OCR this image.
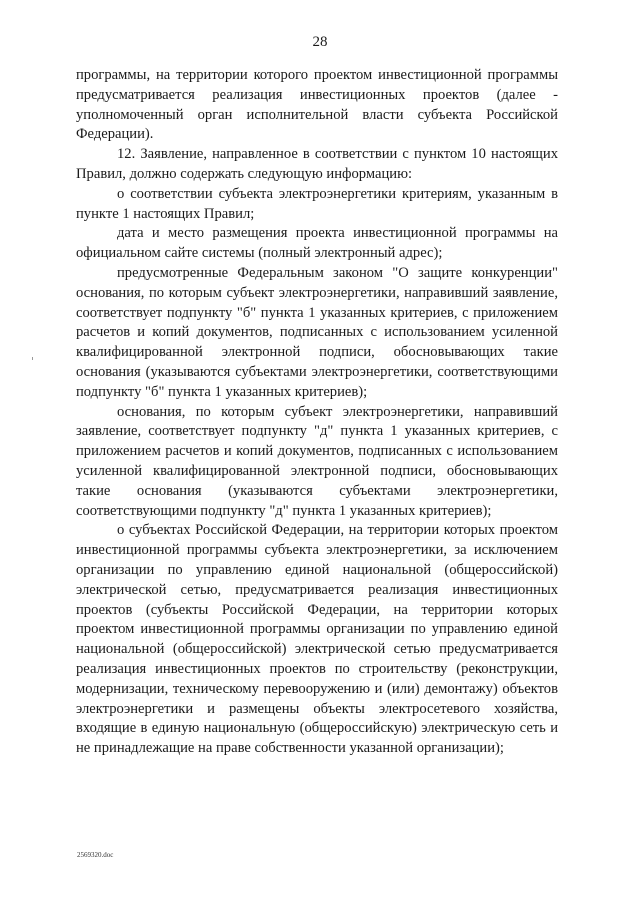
28

программы, на территории которого проектом инвестиционной программы предусматривается реализация инвестиционных проектов (далее - уполномоченный орган исполнительной власти субъекта Российской Федерации).

12. Заявление, направленное в соответствии с пунктом 10 настоящих Правил, должно содержать следующую информацию:

о соответствии субъекта электроэнергетики критериям, указанным в пункте 1 настоящих Правил;

дата и место размещения проекта инвестиционной программы на официальном сайте системы (полный электронный адрес);

предусмотренные Федеральным законом "О защите конкуренции" основания, по которым субъект электроэнергетики, направивший заявление, соответствует подпункту "б" пункта 1 указанных критериев, с приложением расчетов и копий документов, подписанных с использованием усиленной квалифицированной электронной подписи, обосновывающих такие основания (указываются субъектами электроэнергетики, соответствующими подпункту "б" пункта 1 указанных критериев);

основания, по которым субъект электроэнергетики, направивший заявление, соответствует подпункту "д" пункта 1 указанных критериев, с приложением расчетов и копий документов, подписанных с использованием усиленной квалифицированной электронной подписи, обосновывающих такие основания (указываются субъектами электроэнергетики, соответствующими подпункту "д" пункта 1 указанных критериев);

о субъектах Российской Федерации, на территории которых проектом инвестиционной программы субъекта электроэнергетики, за исключением организации по управлению единой национальной (общероссийской) электрической сетью, предусматривается реализация инвестиционных проектов (субъекты Российской Федерации, на территории которых проектом инвестиционной программы организации по управлению единой национальной (общероссийской) электрической сетью предусматривается реализация инвестиционных проектов по строительству (реконструкции, модернизации, техническому перевооружению и (или) демонтажу) объектов электроэнергетики и размещены объекты электросетевого хозяйства, входящие в единую национальную (общероссийскую) электрическую сеть и не принадлежащие на праве собственности указанной организации);

2569320.doc
